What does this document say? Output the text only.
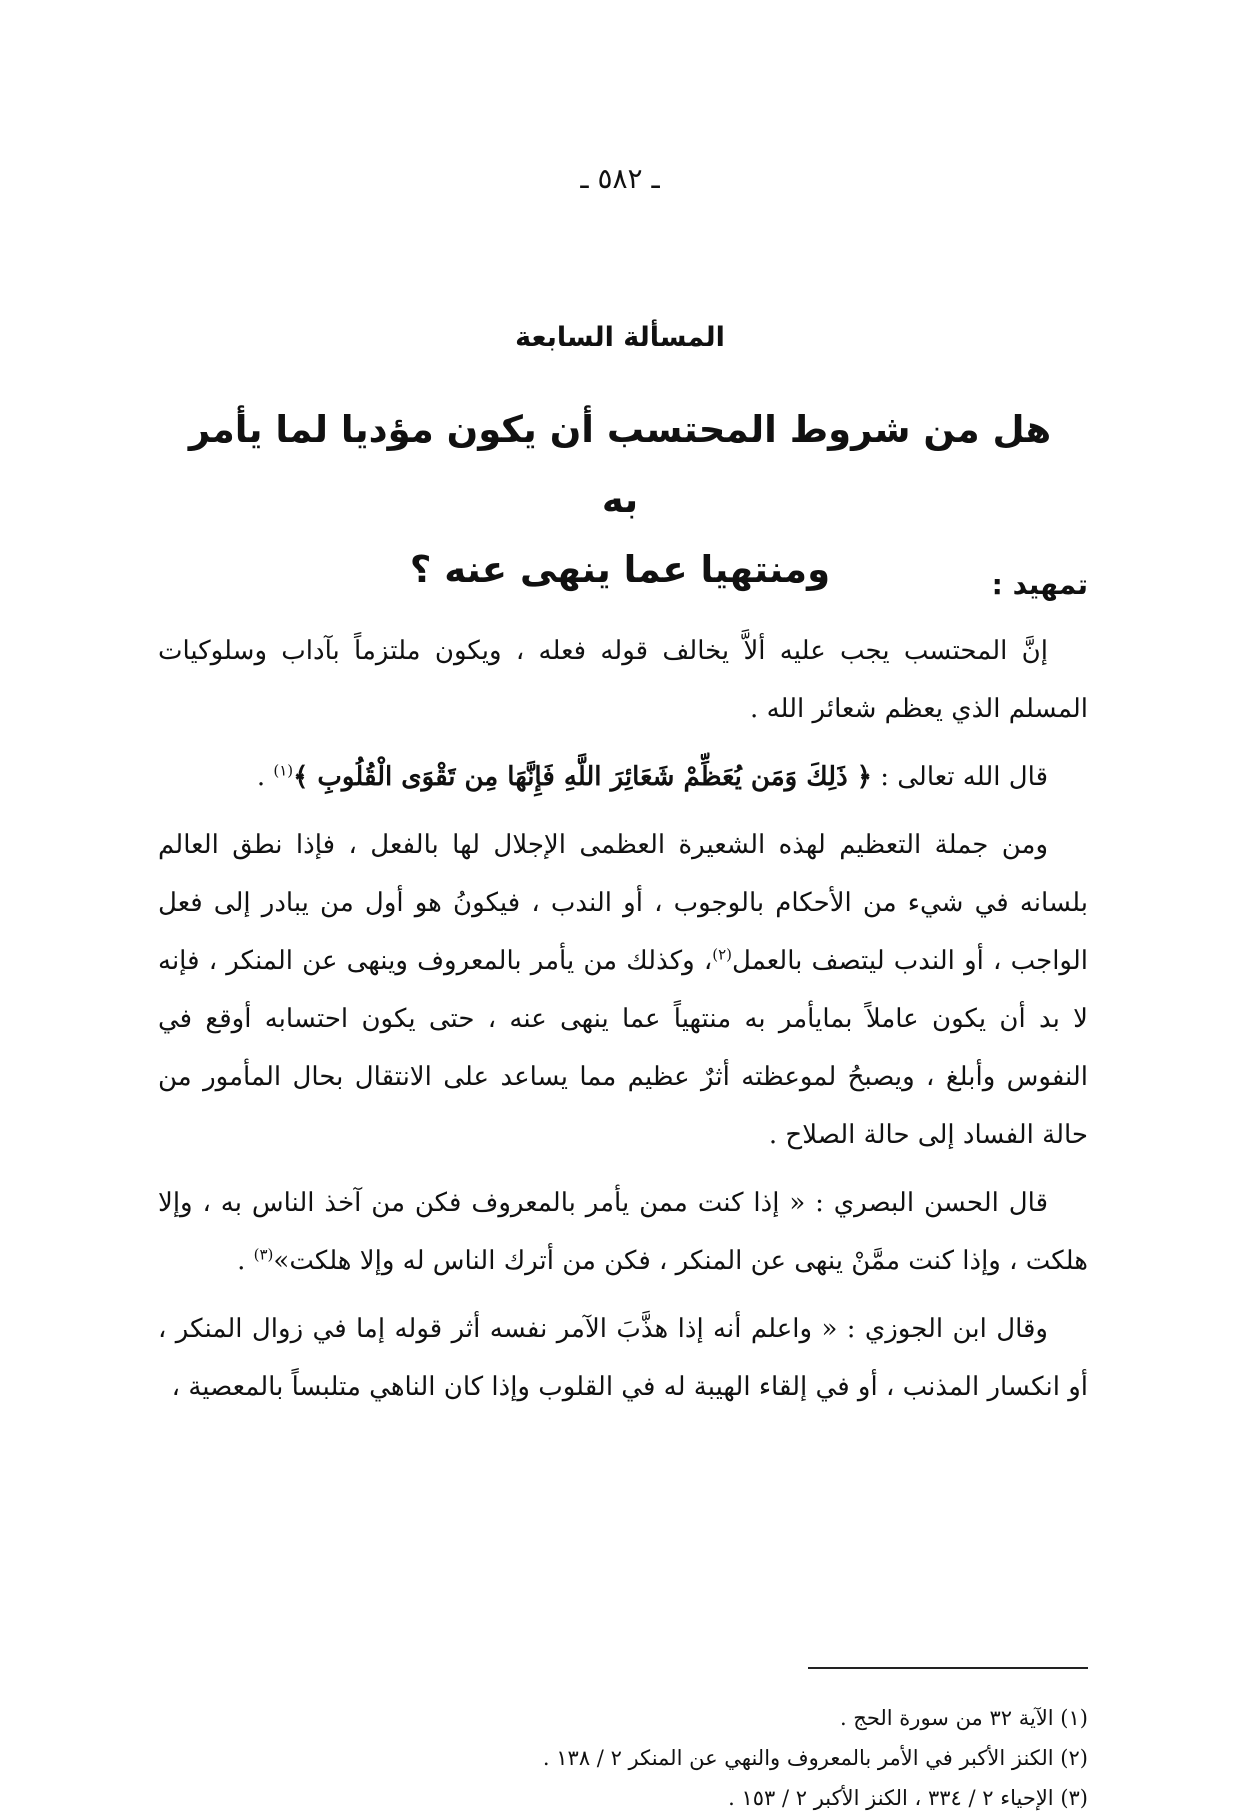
ـ ٥٨٢ ـ
المسألة السابعة
هل من شروط المحتسب أن يكون مؤديا لما يأمر به
ومنتهيا عما ينهى عنه ؟	تمهيد :

إنَّ المحتسب يجب عليه ألاَّ يخالف قوله فعله ، ويكون ملتزماً بآداب وسلوكيات المسلم الذي يعظم شعائر الله .

قال الله تعالى : ﴿ ذَلِكَ وَمَن يُعَظِّمْ شَعَائِرَ اللَّهِ فَإِنَّهَا مِن تَقْوَى الْقُلُوبِ ﴾$^{(١)}$ .

ومن جملة التعظيم لهذه الشعيرة العظمى الإجلال لها بالفعل ، فإذا نطق العالم بلسانه في شيء من الأحكام بالوجوب ، أو الندب ، فيكونُ هو أول من يبادر إلى فعل الواجب ، أو الندب ليتصف بالعمل$^{(٢)}$، وكذلك من يأمر بالمعروف وينهى عن المنكر ، فإنه لا بد أن يكون عاملاً بمايأمر به منتهياً عما ينهى عنه ، حتى يكون احتسابه أوقع في النفوس وأبلغ ، ويصبحُ لموعظته أثرٌ عظيم مما يساعد على الانتقال بحال المأمور من حالة الفساد إلى حالة الصلاح .

قال الحسن البصري : « إذا كنت ممن يأمر بالمعروف فكن من آخذ الناس به ، وإلا هلكت ، وإذا كنت ممَّنْ ينهى عن المنكر ، فكن من أترك الناس له وإلا هلكت»$^{(٣)}$ .

وقال ابن الجوزي : « واعلم أنه إذا هذَّبَ الآمر نفسه أثر قوله إما في زوال المنكر ، أو انكسار المذنب ، أو في إلقاء الهيبة له في القلوب وإذا كان الناهي متلبساً بالمعصية ،

(١) الآية ٣٢ من سورة الحج .

(٢) الكنز الأكبر في الأمر بالمعروف والنهي عن المنكر ٢ / ١٣٨ .

(٣) الإحياء ٢ / ٣٣٤ ، الكنز الأكبر ٢ / ١٥٣ .
